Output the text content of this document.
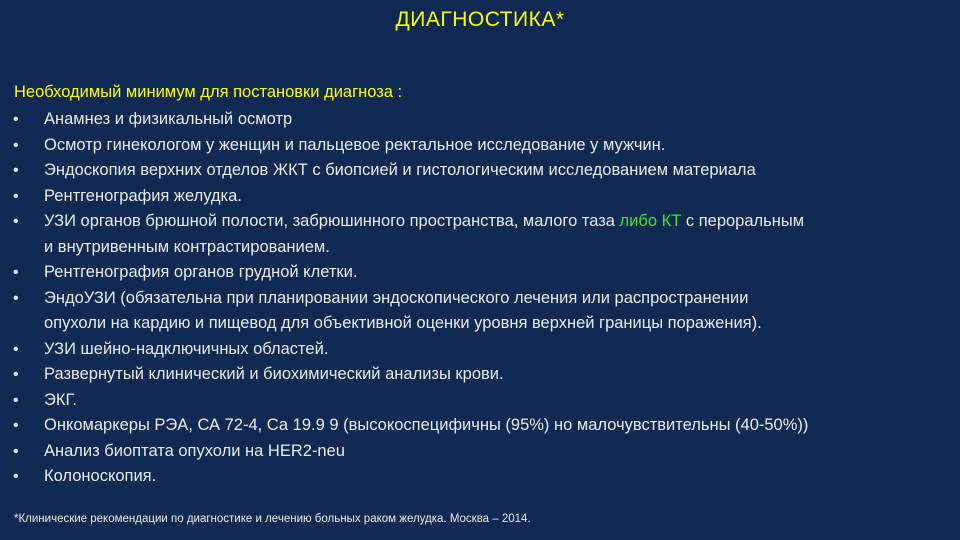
ДИАГНОСТИКА*
Необходимый минимум для постановки диагноза :
• Анамнез и физикальный осмотр
• Осмотр гинекологом у женщин и пальцевое ректальное исследование у мужчин.
• Эндоскопия верхних отделов ЖКТ с биопсией и гистологическим исследованием материала
• Рентгенография желудка.
• УЗИ органов брюшной полости, забрюшинного пространства, малого таза либо КТ с пероральным
и внутривенным контрастированием.
• Рентгенография органов грудной клетки.
• ЭндоУЗИ (обязательна при планировании эндоскопического лечения или распространении
опухоли на кардию и пищевод для объективной оценки уровня верхней границы поражения).
• УЗИ шейно-надключичных областей.
• Развернутый клинический и биохимический анализы крови.
• ЭКГ.
• Онкомаркеры РЭА, СА 72-4, Са 19.9 9 (высокоспецифичны (95%) но малочувствительны (40-50%))
• Анализ биоптата опухоли на HER2-neu
• Колоноскопия.
*Клинические рекомендации по диагностике и лечению больных раком желудка. Москва – 2014.
